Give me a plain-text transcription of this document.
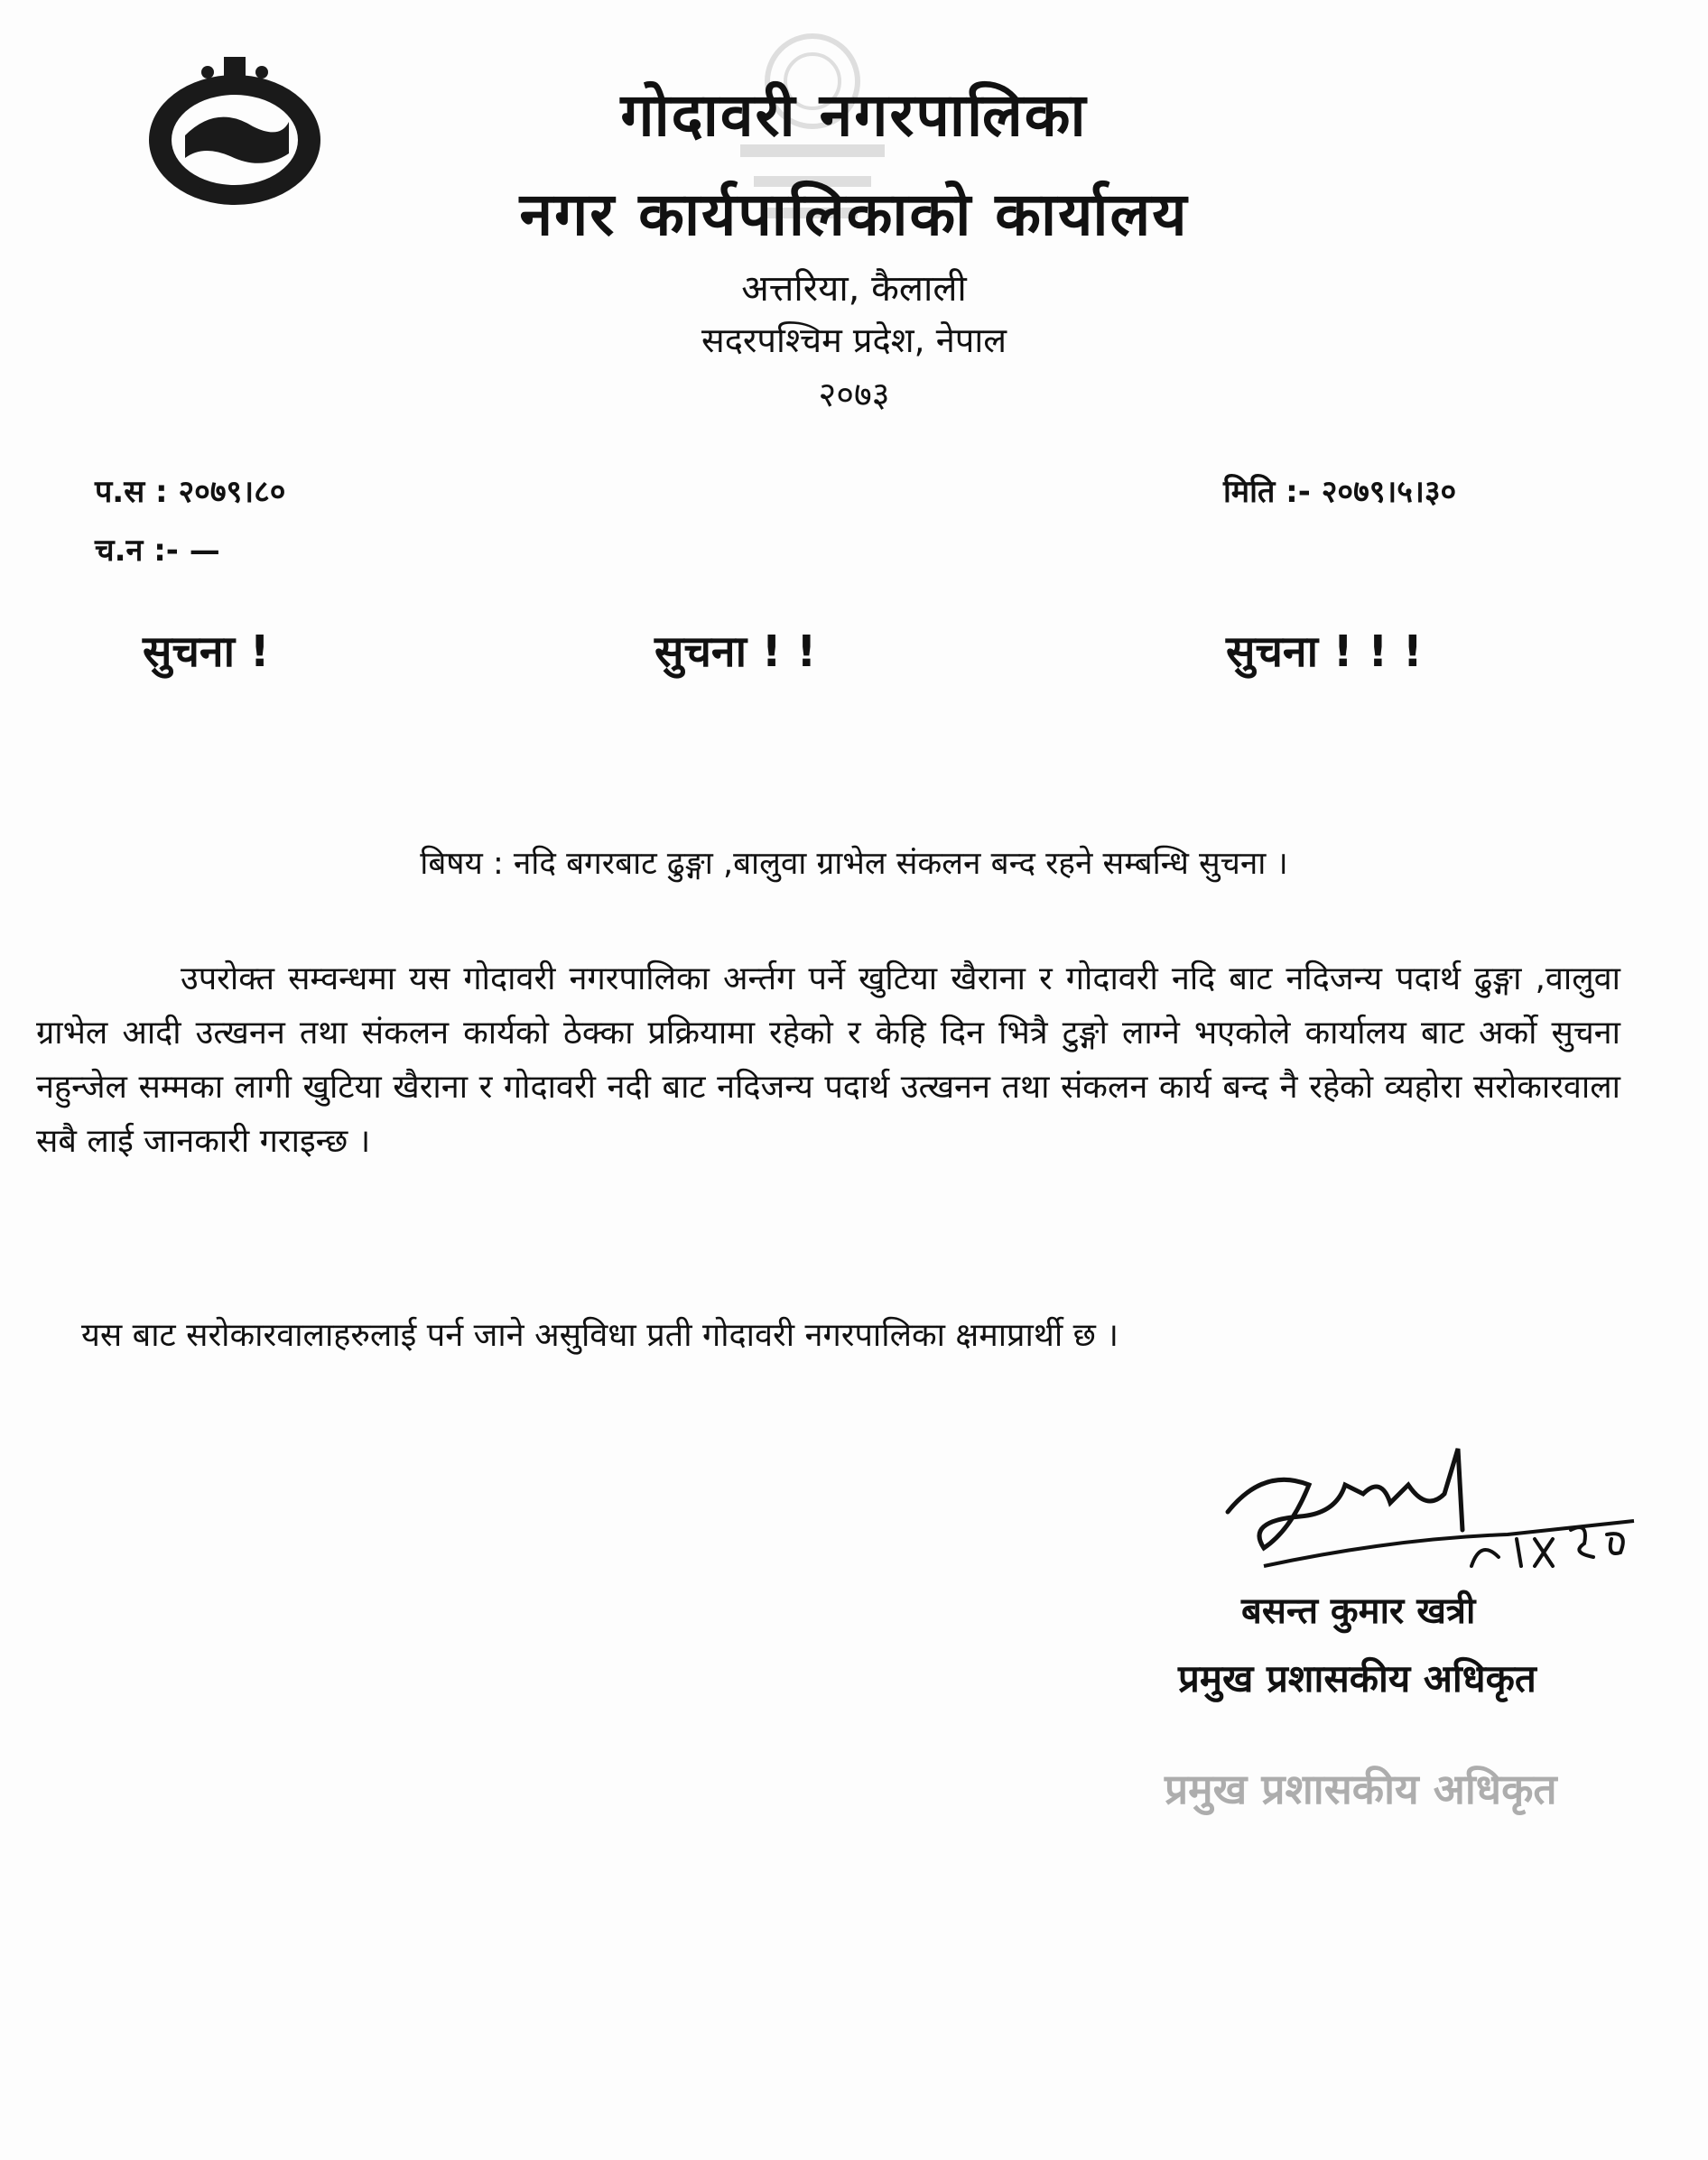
गोदावरी नगरपालिका
नगर कार्यपालिकाको कार्यालय
अत्तरिया, कैलाली
सदरपश्चिम प्रदेश, नेपाल
२०७३
प.स : २०७९।८०
च.न :- —
मिति :- २०७९।५।३०
सुचना !	सुचना ! !	सुचना ! ! !
बिषय : नदि बगरबाट ढुङ्गा ,बालुवा ग्राभेल संकलन बन्द रहने सम्बन्धि सुचना ।

उपरोक्त सम्वन्धमा यस गोदावरी नगरपालिका अर्न्तग पर्ने खुटिया खैराना र गोदावरी नदि बाट नदिजन्य पदार्थ ढुङ्गा ,वालुवा ग्राभेल आदी उत्खनन तथा संकलन कार्यको ठेक्का प्रक्रियामा रहेको र केहि दिन भित्रै टुङ्गो लाग्ने भएकोले कार्यालय बाट अर्को सुचना नहुन्जेल सम्मका लागी खुटिया खैराना र गोदावरी नदी बाट नदिजन्य पदार्थ उत्खनन तथा संकलन कार्य बन्द नै रहेको व्यहोरा सरोकारवाला सबै लाई जानकारी गराइन्छ ।

यस बाट सरोकारवालाहरुलाई पर्न जाने असुविधा प्रती गोदावरी नगरपालिका क्षमाप्रार्थी छ ।

बसन्त कुमार खत्री
प्रमुख प्रशासकीय अधिकृत
प्रमुख प्रशासकीय अधिकृत
